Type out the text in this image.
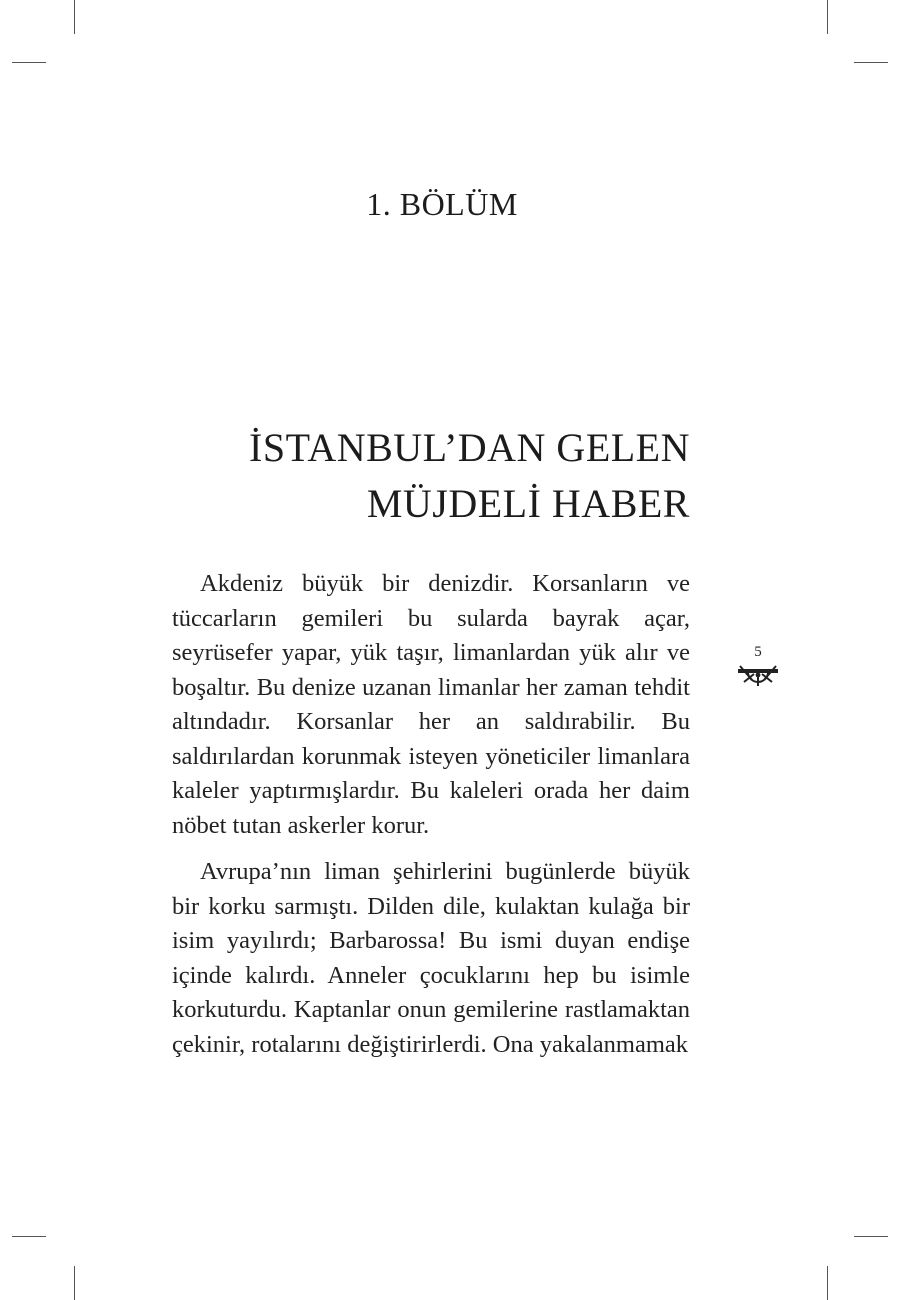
1. BÖLÜM
İSTANBUL’DAN GELEN
MÜJDELİ HABER

Akdeniz büyük bir denizdir. Korsanların ve tüccarların gemileri bu sularda bayrak açar, seyrüsefer yapar, yük taşır, limanlardan yük alır ve boşaltır. Bu denize uzanan limanlar her zaman tehdit altındadır. Korsanlar her an saldırabilir. Bu saldırılardan korunmak isteyen yöneticiler limanlara kaleler yaptırmışlardır. Bu kaleleri orada her daim nöbet tutan askerler korur.

Avrupa’nın liman şehirlerini bugünlerde büyük bir korku sarmıştı. Dilden dile, kulaktan kulağa bir isim yayılırdı; Barbarossa! Bu ismi duyan endişe içinde kalırdı. Anneler çocuklarını hep bu isimle korkuturdu. Kaptanlar onun gemilerine rastlamaktan çekinir, rotalarını değiştirirlerdi. Ona yakalanmamak

5
